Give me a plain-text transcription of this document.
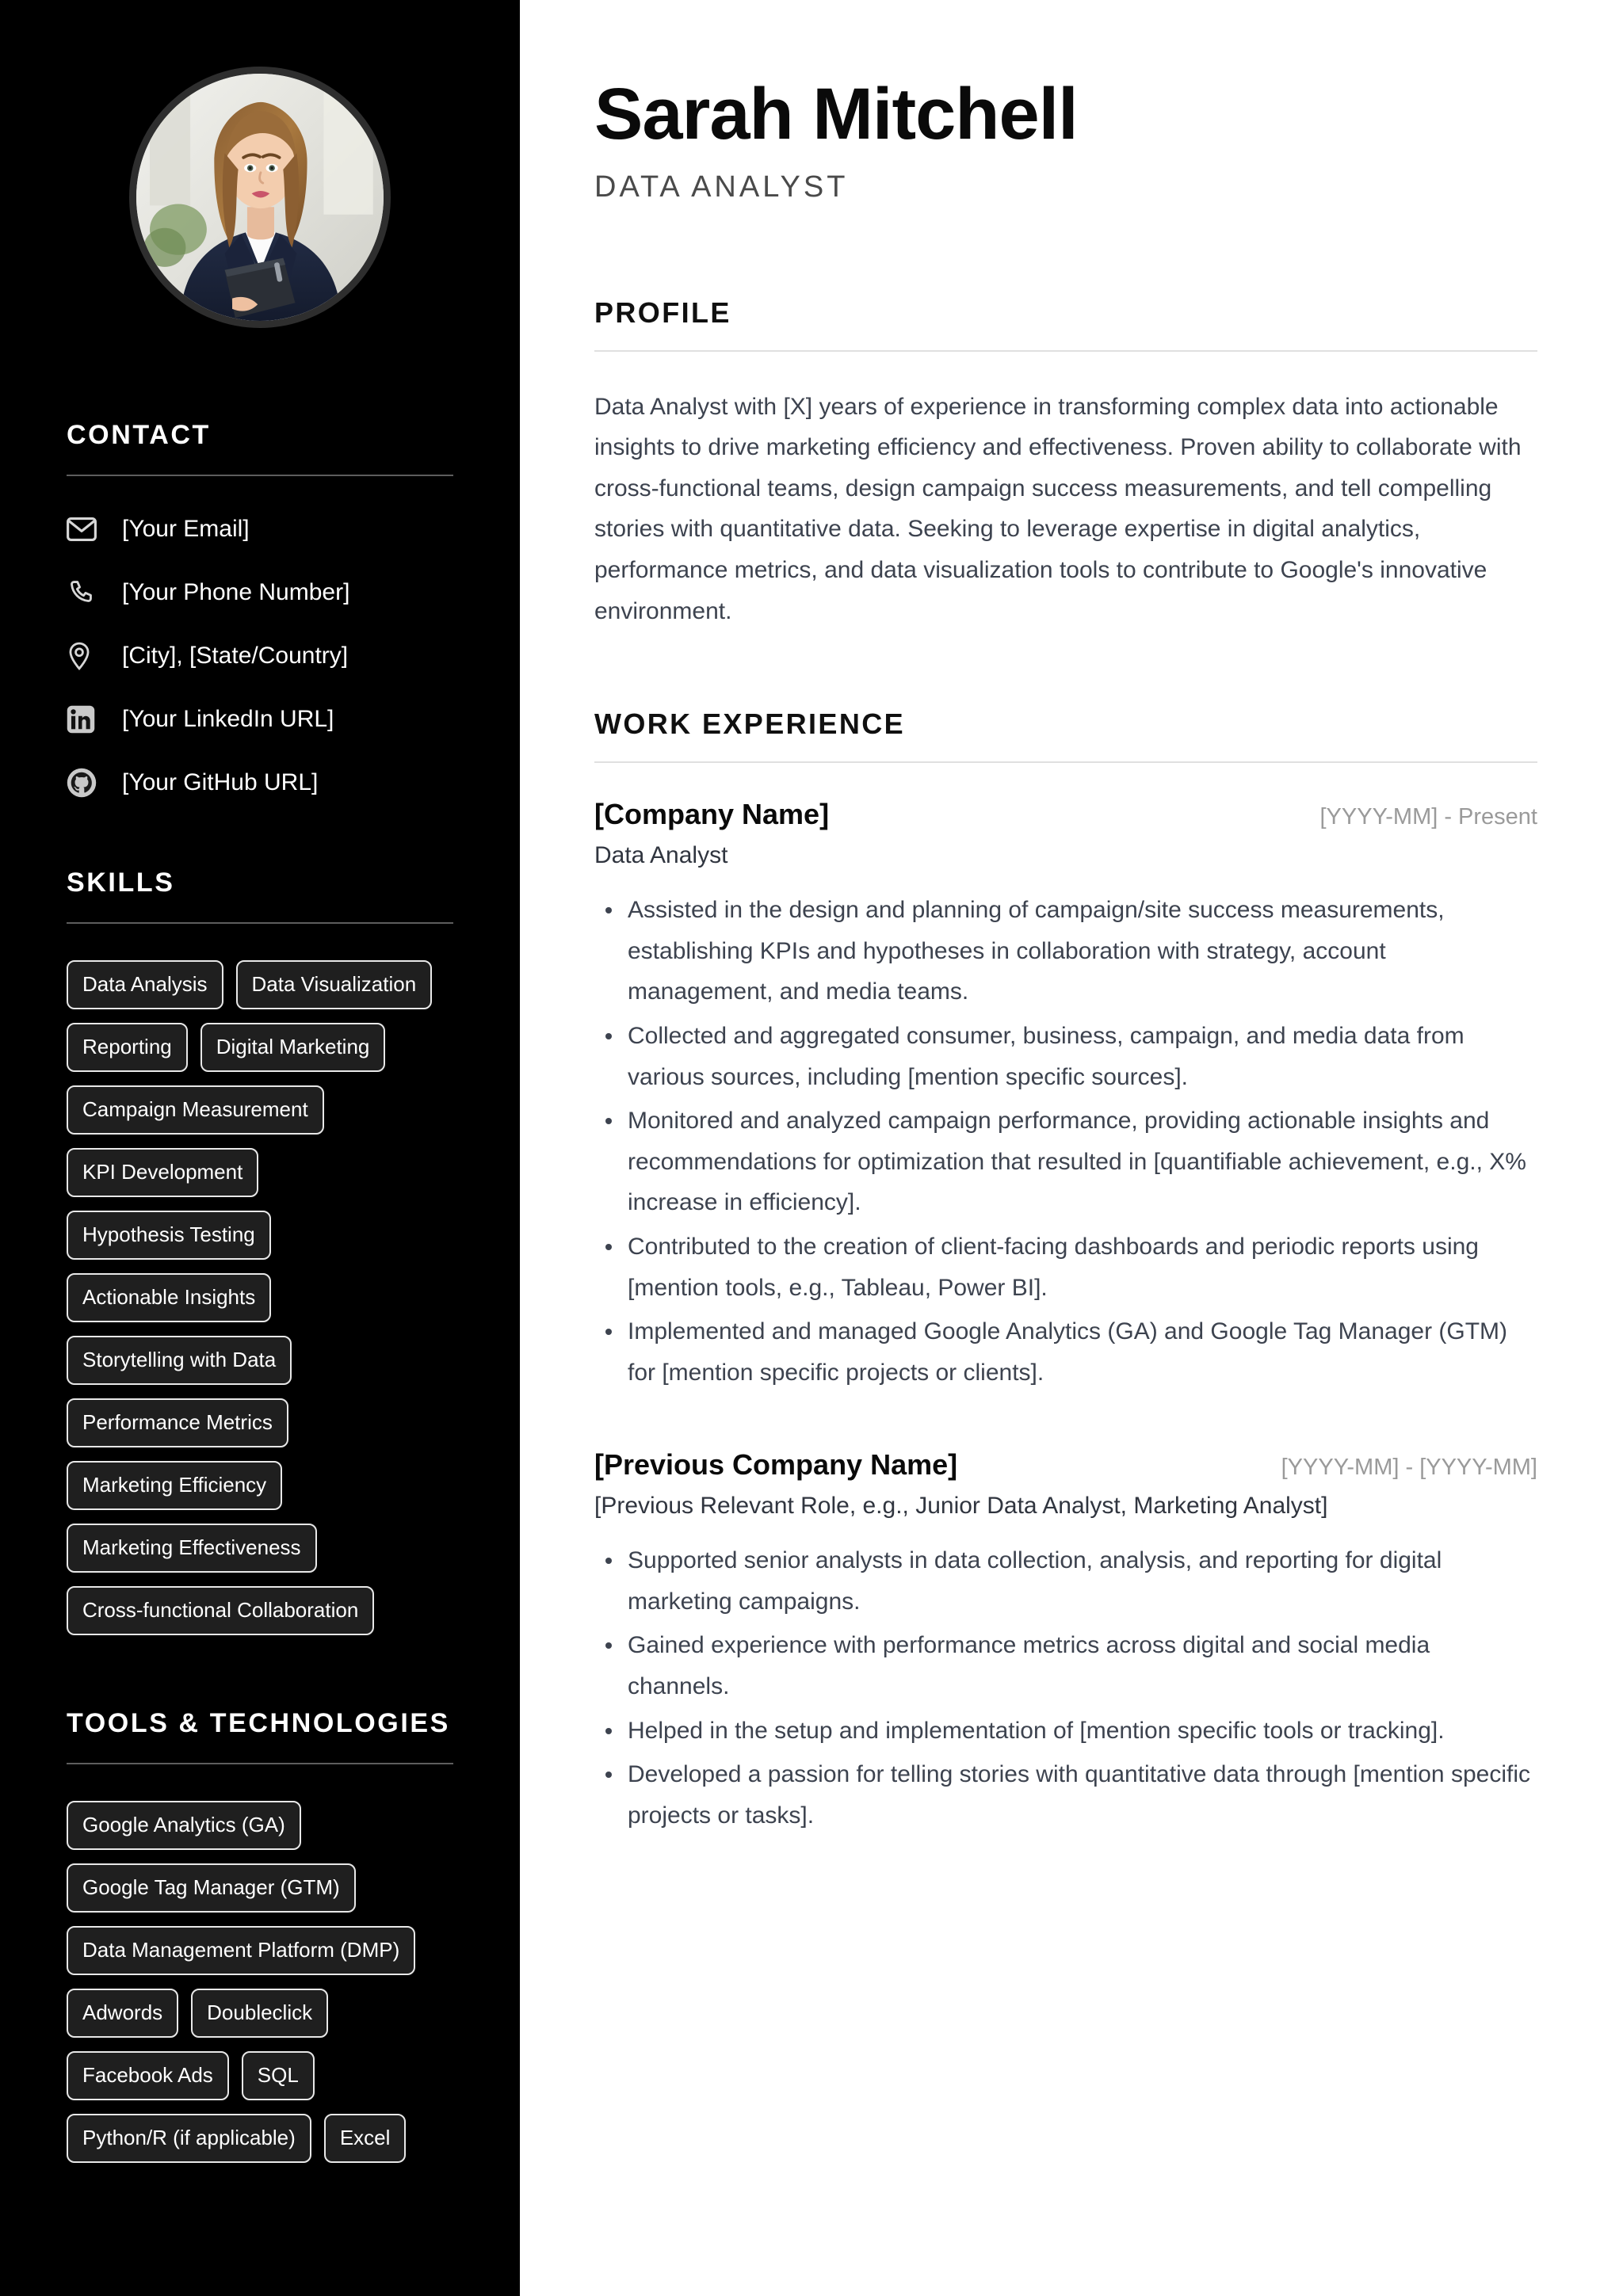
CONTACT
[Your Email]
[Your Phone Number]
[City], [State/Country]
[Your LinkedIn URL]
[Your GitHub URL]
SKILLS
Data Analysis	Data Visualization
Reporting	Digital Marketing
Campaign Measurement
KPI Development
Hypothesis Testing
Actionable Insights
Storytelling with Data
Performance Metrics
Marketing Efficiency
Marketing Effectiveness
Cross-functional Collaboration
TOOLS & TECHNOLOGIES
Google Analytics (GA)
Google Tag Manager (GTM)
Data Management Platform (DMP)
Adwords	Doubleclick
Facebook Ads	SQL
Python/R (if applicable)	Excel
Sarah Mitchell
DATA ANALYST
PROFILE

Data Analyst with [X] years of experience in transforming complex data into actionable insights to drive marketing efficiency and effectiveness. Proven ability to collaborate with cross-functional teams, design campaign success measurements, and tell compelling stories with quantitative data. Seeking to leverage expertise in digital analytics, performance metrics, and data visualization tools to contribute to Google's innovative environment.

WORK EXPERIENCE
[Company Name]	[YYYY-MM] - Present
Data Analyst
Assisted in the design and planning of campaign/site success measurements, establishing KPIs and hypotheses in collaboration with strategy, account management, and media teams.
Collected and aggregated consumer, business, campaign, and media data from various sources, including [mention specific sources].
Monitored and analyzed campaign performance, providing actionable insights and recommendations for optimization that resulted in [quantifiable achievement, e.g., X% increase in efficiency].
Contributed to the creation of client-facing dashboards and periodic reports using [mention tools, e.g., Tableau, Power BI].
Implemented and managed Google Analytics (GA) and Google Tag Manager (GTM) for [mention specific projects or clients].
[Previous Company Name]	[YYYY-MM] - [YYYY-MM]
[Previous Relevant Role, e.g., Junior Data Analyst, Marketing Analyst]
Supported senior analysts in data collection, analysis, and reporting for digital marketing campaigns.
Gained experience with performance metrics across digital and social media channels.
Helped in the setup and implementation of [mention specific tools or tracking].
Developed a passion for telling stories with quantitative data through [mention specific projects or tasks].
